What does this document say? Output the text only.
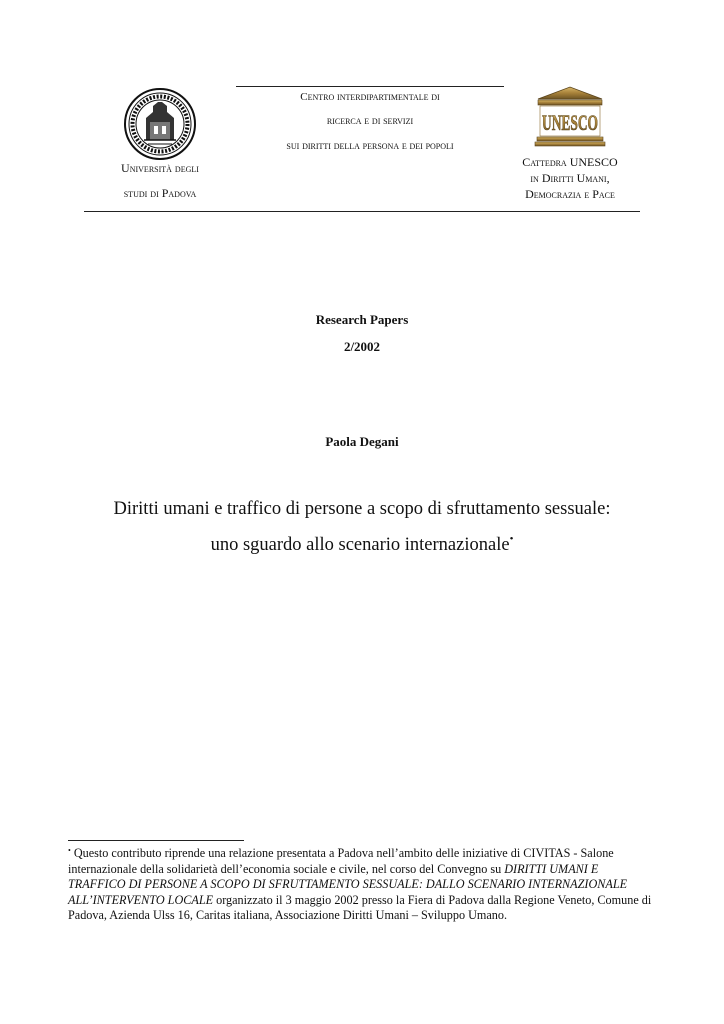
Centro interdipartimentale di
ricerca e di servizi
sui diritti della persona e dei popoli
Università degli
studi di Padova
UNESCO
Cattedra UNESCO
in Diritti Umani,
Democrazia e Pace
Research Papers
2/2002
Paola Degani
Diritti umani e traffico di persone a scopo di sfruttamento sessuale:
uno sguardo allo scenario internazionale•
• Questo contributo riprende una relazione presentata a Padova nell’ambito delle iniziative di CIVITAS - Salone internazionale della solidarietà dell’economia sociale e civile, nel corso del Convegno su DIRITTI UMANI E TRAFFICO DI PERSONE A SCOPO DI SFRUTTAMENTO SESSUALE: DALLO SCENARIO INTERNAZIONALE ALL’INTERVENTO LOCALE organizzato il 3 maggio 2002 presso la Fiera di Padova dalla Regione Veneto, Comune di Padova, Azienda Ulss 16, Caritas italiana, Associazione Diritti Umani – Sviluppo Umano.
